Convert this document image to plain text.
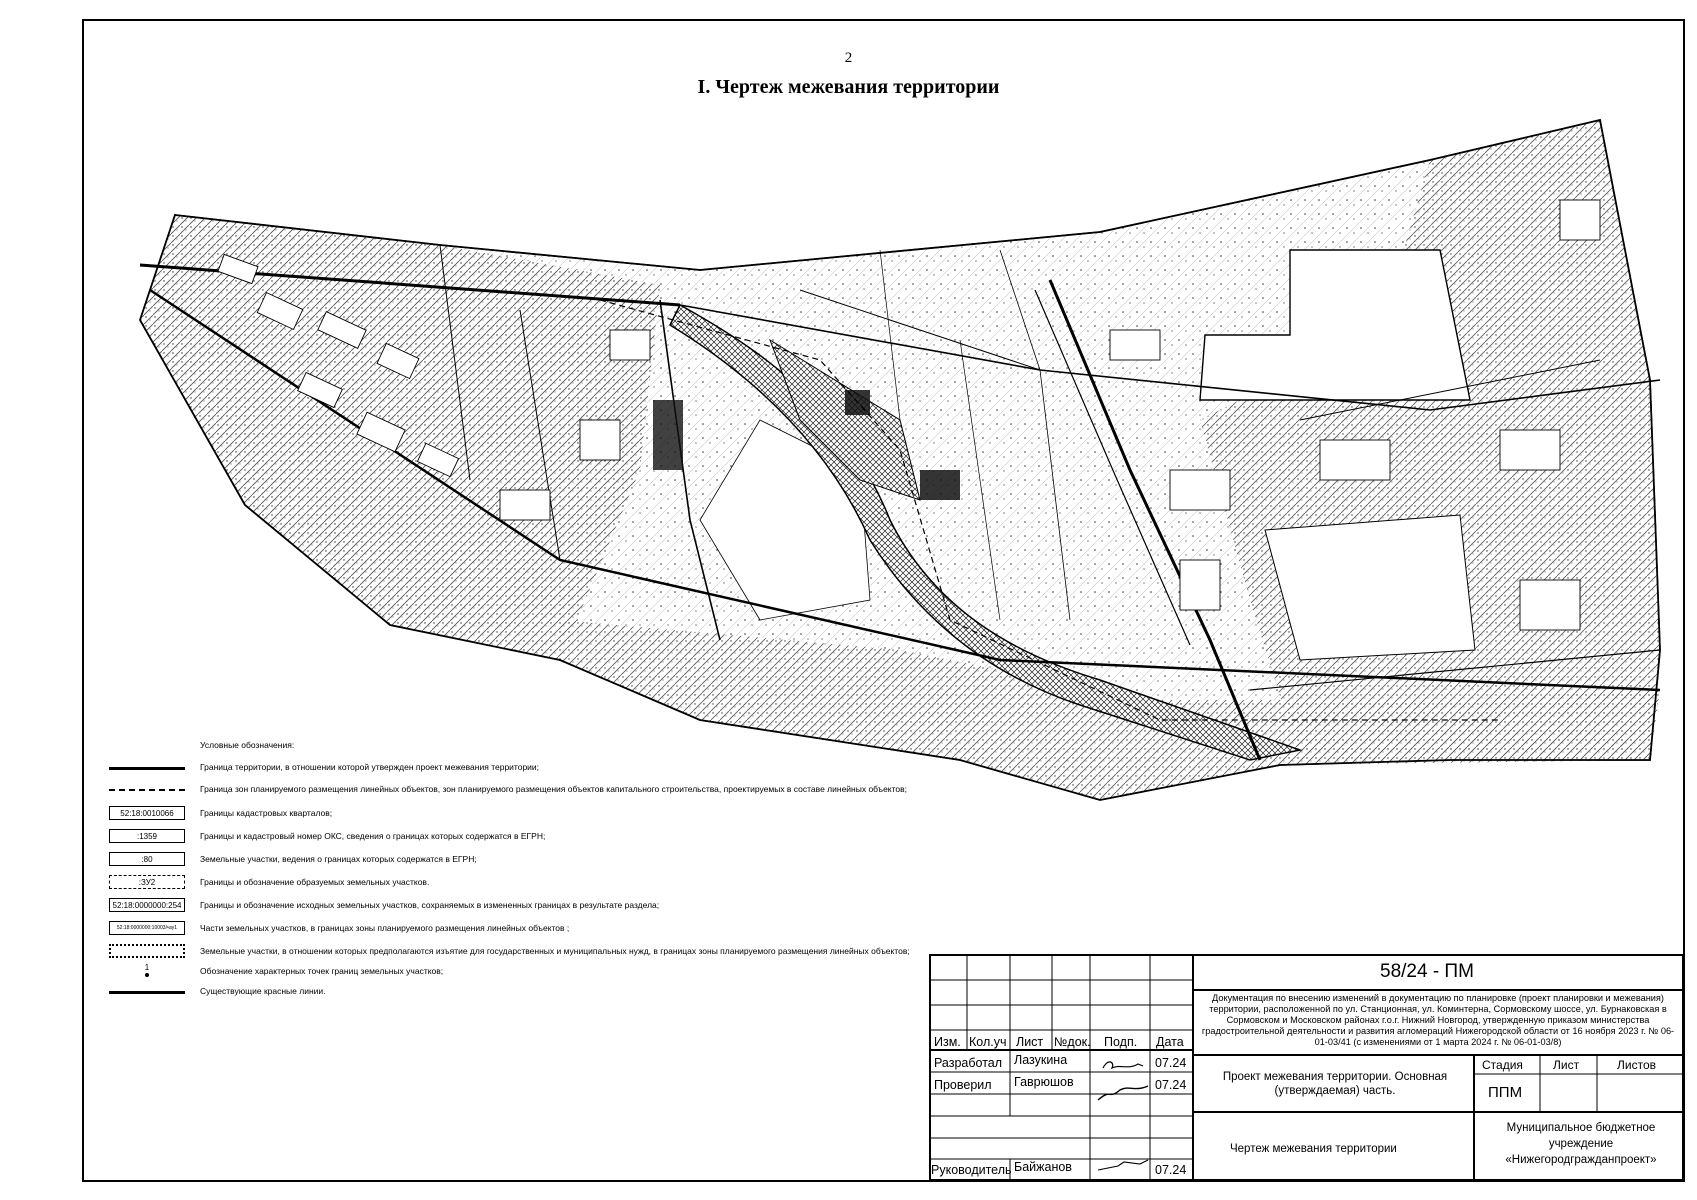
2
I. Чертеж межевания территории
Условные обозначения:
Граница территории, в отношении которой утвержден проект межевания территории;
Граница зон планируемого размещения линейных объектов, зон планируемого размещения объектов капитального строительства, проектируемых в составе линейных объектов;
52:18:0010066	Границы кадастровых кварталов;
:1359	Границы и кадастровый номер ОКС, сведения о границах которых содержатся в ЕГРН;
:80	Земельные участки, ведения о границах которых содержатся в ЕГРН;
:ЗУ2	Границы и обозначение образуемых земельных участков.
52:18:0000000:254	Границы и обозначение исходных земельных участков, сохраняемых в измененных границах в результате раздела;
52:18:0000000:10003/чзу1	Части земельных участков, в границах зоны планируемого размещения линейных объектов ;
Земельные участки, в отношении которых предполагаются изъятие для государственных и муниципальных нужд, в границах зоны планируемого размещения линейных объектов;
1	Обозначение характерных точек границ земельных участков;
Существующие красные линии.
58/24 - ПМ
Документация по внесению изменений в документацию по планировке (проект планировки и межевания) территории, расположенной по ул. Станционная, ул. Коминтерна, Сормовскому шоссе, ул. Бурнаковская в Сормовском и Московском районах г.о.г. Нижний Новгород, утвержденную приказом министерства градостроительной деятельности и развития агломераций Нижегородской области от 16 ноября 2023 г. № 06-01-03/41 (с изменениями от 1 марта 2024 г. № 06-01-03/8)
Изм. Кол.уч Лист №док. Подп. Дата
Разработал Лазукина	07.24
Проверил Гаврюшов	07.24
Руководитель Байжанов	07.24
Проект межевания территории. Основная (утверждаемая) часть.
Стадия	Лист	Листов
ППМ
Чертеж межевания территории
Муниципальное бюджетное учреждение «Нижегородгражданпроект»
